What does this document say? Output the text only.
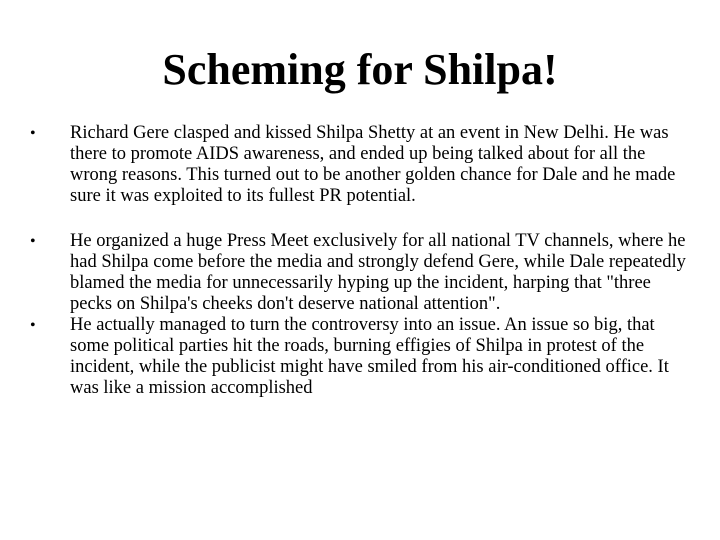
Scheming for Shilpa!
•	Richard Gere clasped and kissed Shilpa Shetty at an event in New Delhi. He was there to promote AIDS awareness, and ended up being talked about for all the wrong reasons. This turned out to be another golden chance for Dale and he made sure it was exploited to its fullest PR potential.
•	He organized a huge Press Meet exclusively for all national TV channels, where he had Shilpa come before the media and strongly defend Gere, while Dale repeatedly blamed the media for unnecessarily hyping up the incident, harping that "three pecks on Shilpa's cheeks don't deserve national attention".
•	He actually managed to turn the controversy into an issue. An issue so big, that some political parties hit the roads, burning effigies of Shilpa in protest of the incident, while the publicist might have smiled from his air-conditioned office. It was like a mission accomplished
